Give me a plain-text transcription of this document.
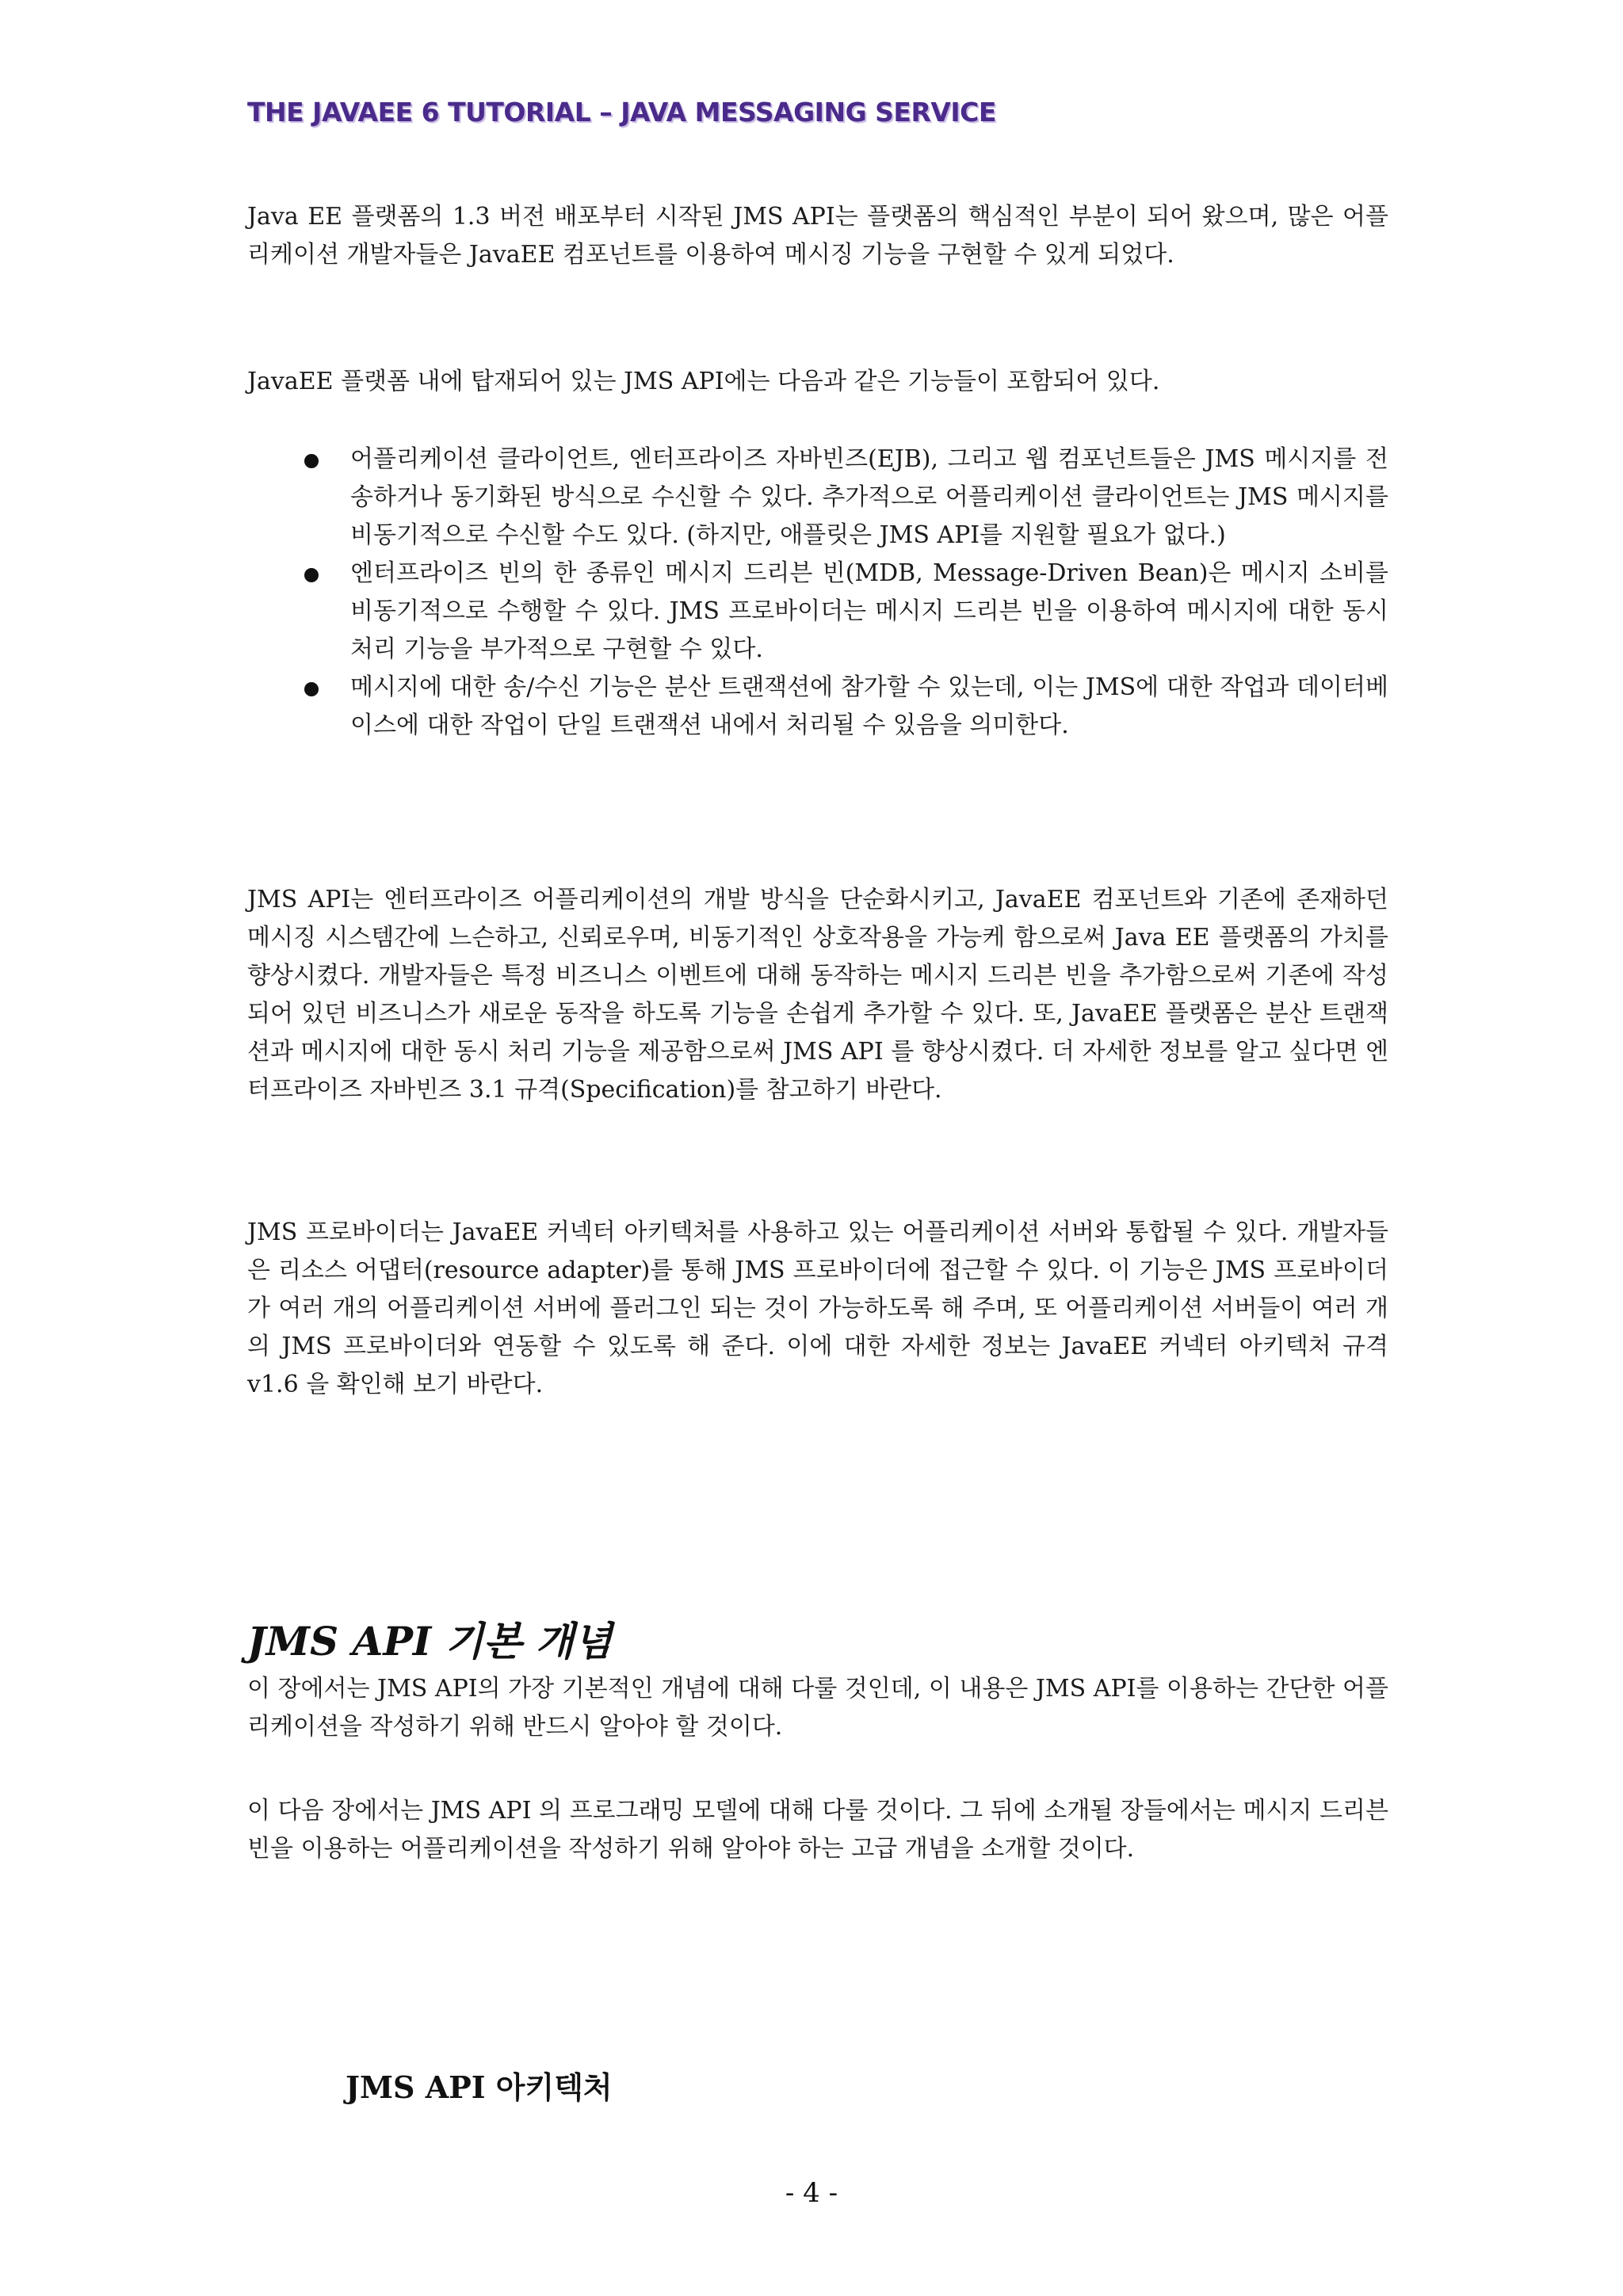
THE JAVAEE 6 TUTORIAL – JAVA MESSAGING SERVICE

Java EE 플랫폼의 1.3 버전 배포부터 시작된 JMS API는 플랫폼의 핵심적인 부분이 되어 왔으며, 많은 어플리케이션 개발자들은 JavaEE 컴포넌트를 이용하여 메시징 기능을 구현할 수 있게 되었다.

JavaEE 플랫폼 내에 탑재되어 있는 JMS API에는 다음과 같은 기능들이 포함되어 있다.

어플리케이션 클라이언트, 엔터프라이즈 자바빈즈(EJB), 그리고 웹 컴포넌트들은 JMS 메시지를 전송하거나 동기화된 방식으로 수신할 수 있다. 추가적으로 어플리케이션 클라이언트는 JMS 메시지를 비동기적으로 수신할 수도 있다. (하지만, 애플릿은 JMS API를 지원할 필요가 없다.)
엔터프라이즈 빈의 한 종류인 메시지 드리븐 빈(MDB, Message-Driven Bean)은 메시지 소비를 비동기적으로 수행할 수 있다. JMS 프로바이더는 메시지 드리븐 빈을 이용하여 메시지에 대한 동시 처리 기능을 부가적으로 구현할 수 있다.
메시지에 대한 송/수신 기능은 분산 트랜잭션에 참가할 수 있는데, 이는 JMS에 대한 작업과 데이터베이스에 대한 작업이 단일 트랜잭션 내에서 처리될 수 있음을 의미한다.

JMS API는 엔터프라이즈 어플리케이션의 개발 방식을 단순화시키고, JavaEE 컴포넌트와 기존에 존재하던 메시징 시스템간에 느슨하고, 신뢰로우며, 비동기적인 상호작용을 가능케 함으로써 Java EE 플랫폼의 가치를 향상시켰다. 개발자들은 특정 비즈니스 이벤트에 대해 동작하는 메시지 드리븐 빈을 추가함으로써 기존에 작성되어 있던 비즈니스가 새로운 동작을 하도록 기능을 손쉽게 추가할 수 있다. 또, JavaEE 플랫폼은 분산 트랜잭션과 메시지에 대한 동시 처리 기능을 제공함으로써 JMS API 를 향상시켰다. 더 자세한 정보를 알고 싶다면 엔터프라이즈 자바빈즈 3.1 규격(Specification)를 참고하기 바란다.

JMS 프로바이더는 JavaEE 커넥터 아키텍처를 사용하고 있는 어플리케이션 서버와 통합될 수 있다. 개발자들은 리소스 어댑터(resource adapter)를 통해 JMS 프로바이더에 접근할 수 있다. 이 기능은 JMS 프로바이더가 여러 개의 어플리케이션 서버에 플러그인 되는 것이 가능하도록 해 주며, 또 어플리케이션 서버들이 여러 개의 JMS 프로바이더와 연동할 수 있도록 해 준다. 이에 대한 자세한 정보는 JavaEE 커넥터 아키텍처 규격 v1.6 을 확인해 보기 바란다.

JMS API 기본 개념

이 장에서는 JMS API의 가장 기본적인 개념에 대해 다룰 것인데, 이 내용은 JMS API를 이용하는 간단한 어플리케이션을 작성하기 위해 반드시 알아야 할 것이다.

이 다음 장에서는 JMS API 의 프로그래밍 모델에 대해 다룰 것이다. 그 뒤에 소개될 장들에서는 메시지 드리븐 빈을 이용하는 어플리케이션을 작성하기 위해 알아야 하는 고급 개념을 소개할 것이다.

JMS API 아키텍처
- 4 -
